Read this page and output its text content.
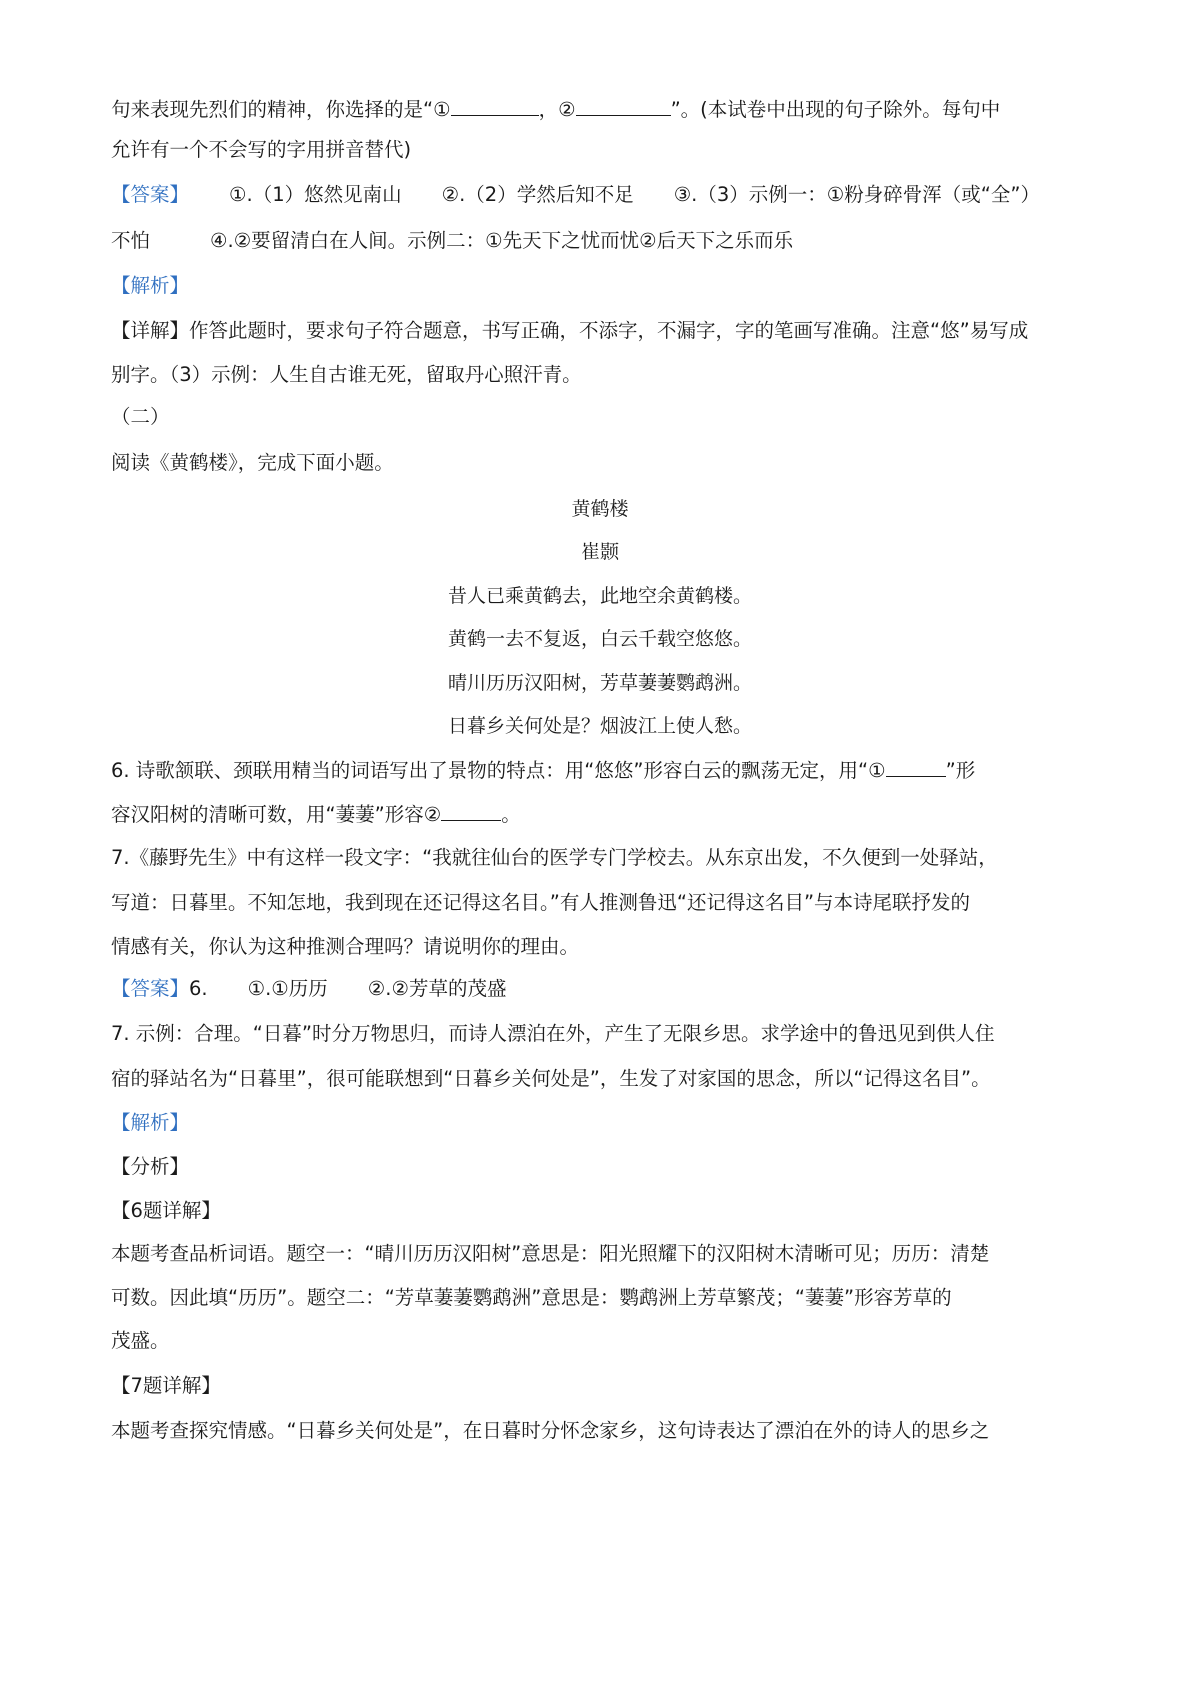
句来表现先烈们的精神，你选择的是“①	，②	”。(本试卷中出现的句子除外。每句中
允许有一个不会写的字用拼音替代)
【答案】 ①.（1）悠然见南山 ②.（2）学然后知不足 ③.（3）示例一：①粉身碎骨浑（或“全”）
不怕	④.②要留清白在人间。示例二：①先天下之忧而忧②后天下之乐而乐
【解析】
【详解】作答此题时，要求句子符合题意，书写正确，不添字，不漏字，字的笔画写准确。注意“悠”易写成
别字。（3）示例：人生自古谁无死，留取丹心照汗青。
（二）
阅读《黄鹤楼》，完成下面小题。
黄鹤楼
崔颢
昔人已乘黄鹤去，此地空余黄鹤楼。
黄鹤一去不复返，白云千载空悠悠。
晴川历历汉阳树，芳草萋萋鹦鹉洲。
日暮乡关何处是？烟波江上使人愁。
6. 诗歌颔联、颈联用精当的词语写出了景物的特点：用“悠悠”形容白云的飘荡无定，用“①	”形
容汉阳树的清晰可数，用“萋萋”形容②	。
7.《藤野先生》中有这样一段文字：“我就往仙台的医学专门学校去。从东京出发，不久便到一处驿站，
写道：日暮里。不知怎地，我到现在还记得这名目。”有人推测鲁迅“还记得这名目”与本诗尾联抒发的
情感有关，你认为这种推测合理吗？请说明你的理由。
【答案】6. ①.①历历 ②.②芳草的茂盛
7. 示例：合理。“日暮”时分万物思归，而诗人漂泊在外，产生了无限乡思。求学途中的鲁迅见到供人住
宿的驿站名为“日暮里”，很可能联想到“日暮乡关何处是”，生发了对家国的思念，所以“记得这名目”。
【解析】
【分析】
【6题详解】
本题考查品析词语。题空一：“晴川历历汉阳树”意思是：阳光照耀下的汉阳树木清晰可见；历历：清楚
可数。因此填“历历”。题空二：“芳草萋萋鹦鹉洲”意思是：鹦鹉洲上芳草繁茂；“萋萋”形容芳草的
茂盛。
【7题详解】
本题考查探究情感。“日暮乡关何处是”，在日暮时分怀念家乡，这句诗表达了漂泊在外的诗人的思乡之
